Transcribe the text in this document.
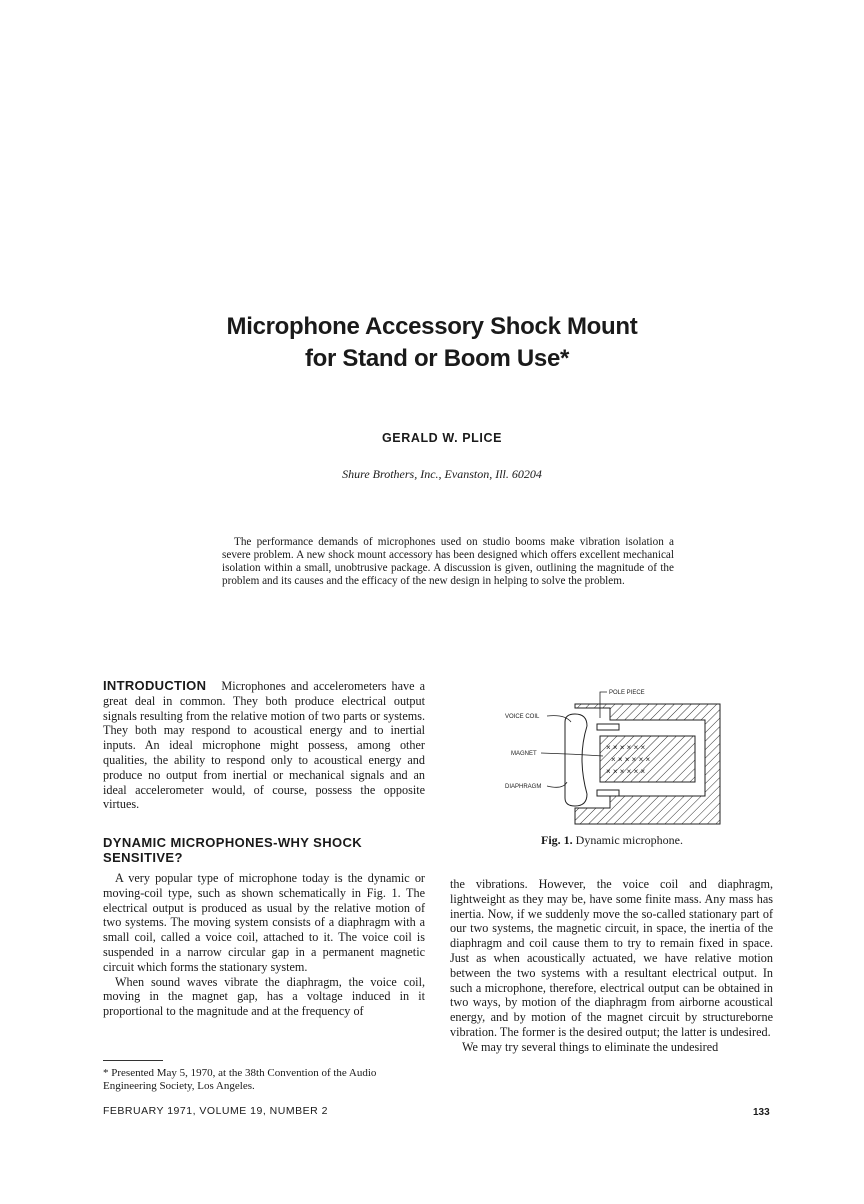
Microphone Accessory Shock Mount
for Stand or Boom Use*
GERALD W. PLICE
Shure Brothers, Inc., Evanston, Ill. 60204

The performance demands of microphones used on studio booms make vibration isolation a severe problem. A new shock mount accessory has been designed which offers excellent mechanical isolation within a small, unobtrusive package. A discussion is given, outlining the magnitude of the problem and its causes and the efficacy of the new design in helping to solve the problem.

INTRODUCTION Microphones and accelerometers have a great deal in common. They both produce electrical output signals resulting from the relative motion of two parts or systems. They both may respond to acoustical energy and to inertial inputs. An ideal microphone might possess, among other qualities, the ability to respond only to acoustical energy and produce no output from inertial or mechanical signals and an ideal accelerometer would, of course, possess the opposite virtues.

DYNAMIC MICROPHONES-WHY SHOCK SENSITIVE?

A very popular type of microphone today is the dynamic or moving-coil type, such as shown schematically in Fig. 1. The electrical output is produced as usual by the relative motion of two systems. The moving system consists of a diaphragm with a small coil, called a voice coil, attached to it. The voice coil is suspended in a narrow circular gap in a permanent magnetic circuit which forms the stationary system.

When sound waves vibrate the diaphragm, the voice coil, moving in the magnet gap, has a voltage induced in it proportional to the magnitude and at the frequency of

the vibrations. However, the voice coil and diaphragm, lightweight as they may be, have some finite mass. Any mass has inertia. Now, if we suddenly move the so-called stationary part of our two systems, the magnetic circuit, in space, the inertia of the diaphragm and coil cause them to try to remain fixed in space. Just as when acoustically actuated, we have relative motion between the two systems with a resultant electrical output. In such a microphone, therefore, electrical output can be obtained in two ways, by motion of the diaphragm from airborne acoustical energy, and by motion of the magnet circuit by structureborne vibration. The former is the desired output; the latter is undesired.

We may try several things to eliminate the undesired

× × × × × ×
× × × × × ×
× × × × × ×
POLE PIECE
VOICE COIL
MAGNET
DIAPHRAGM
Fig. 1. Dynamic microphone.
* Presented May 5, 1970, at the 38th Convention of the Audio Engineering Society, Los Angeles.
FEBRUARY 1971, VOLUME 19, NUMBER 2	133
